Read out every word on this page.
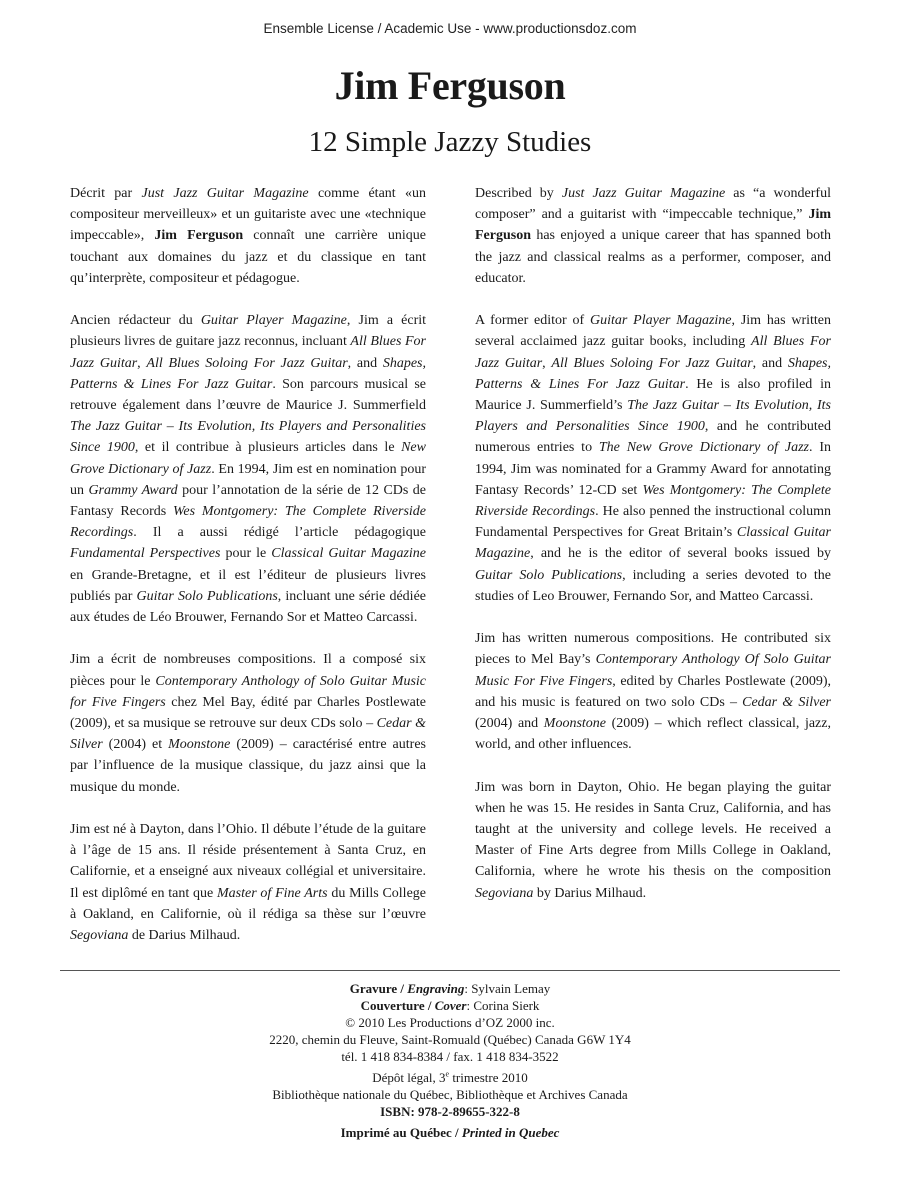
Ensemble License / Academic Use - www.productionsdoz.com
Jim Ferguson
12 Simple Jazzy Studies

Décrit par Just Jazz Guitar Magazine comme étant «un compositeur merveilleux» et un guitariste avec une «technique impeccable», Jim Ferguson connaît une carrière unique touchant aux domaines du jazz et du classique en tant qu’interprète, compositeur et pédagogue.

Ancien rédacteur du Guitar Player Magazine, Jim a écrit plusieurs livres de guitare jazz reconnus, incluant All Blues For Jazz Guitar, All Blues Soloing For Jazz Guitar, and Shapes, Patterns & Lines For Jazz Guitar. Son parcours musical se retrouve également dans l’œuvre de Maurice J. Summerfield The Jazz Guitar – Its Evolution, Its Players and Personalities Since 1900, et il contribue à plusieurs articles dans le New Grove Dictionary of Jazz. En 1994, Jim est en nomination pour un Grammy Award pour l’annotation de la série de 12 CDs de Fantasy Records Wes Montgomery: The Complete Riverside Recordings. Il a aussi rédigé l’article pédagogique Fundamental Perspectives pour le Classical Guitar Magazine en Grande-Bretagne, et il est l’éditeur de plusieurs livres publiés par Guitar Solo Publications, incluant une série dédiée aux études de Léo Brouwer, Fernando Sor et Matteo Carcassi.

Jim a écrit de nombreuses compositions. Il a composé six pièces pour le Contemporary Anthology of Solo Guitar Music for Five Fingers chez Mel Bay, édité par Charles Postlewate (2009), et sa musique se retrouve sur deux CDs solo – Cedar & Silver (2004) et Moonstone (2009) – caractérisé entre autres par l’influence de la musique classique, du jazz ainsi que la musique du monde.

Jim est né à Dayton, dans l’Ohio. Il débute l’étude de la guitare à l’âge de 15 ans. Il réside présentement à Santa Cruz, en Californie, et a enseigné aux niveaux collégial et universitaire. Il est diplômé en tant que Master of Fine Arts du Mills College à Oakland, en Californie, où il rédiga sa thèse sur l’œuvre Segoviana de Darius Milhaud.

Described by Just Jazz Guitar Magazine as “a wonderful composer” and a guitarist with “impeccable technique,” Jim Ferguson has enjoyed a unique career that has spanned both the jazz and classical realms as a performer, composer, and educator.

A former editor of Guitar Player Magazine, Jim has written several acclaimed jazz guitar books, including All Blues For Jazz Guitar, All Blues Soloing For Jazz Guitar, and Shapes, Patterns & Lines For Jazz Guitar. He is also profiled in Maurice J. Summerfield’s The Jazz Guitar – Its Evolution, Its Players and Personalities Since 1900, and he contributed numerous entries to The New Grove Dictionary of Jazz. In 1994, Jim was nominated for a Grammy Award for annotating Fantasy Records’ 12-CD set Wes Montgomery: The Complete Riverside Recordings. He also penned the instructional column Fundamental Perspectives for Great Britain’s Classical Guitar Magazine, and he is the editor of several books issued by Guitar Solo Publications, including a series devoted to the studies of Leo Brouwer, Fernando Sor, and Matteo Carcassi.

Jim has written numerous compositions. He contributed six pieces to Mel Bay’s Contemporary Anthology Of Solo Guitar Music For Five Fingers, edited by Charles Postlewate (2009), and his music is featured on two solo CDs – Cedar & Silver (2004) and Moonstone (2009) – which reflect classical, jazz, world, and other influences.

Jim was born in Dayton, Ohio. He began playing the guitar when he was 15. He resides in Santa Cruz, California, and has taught at the university and college levels. He received a Master of Fine Arts degree from Mills College in Oakland, California, where he wrote his thesis on the composition Segoviana by Darius Milhaud.

Gravure / Engraving: Sylvain Lemay
Couverture / Cover: Corina Sierk
© 2010 Les Productions d’OZ 2000 inc.
2220, chemin du Fleuve, Saint-Romuald (Québec) Canada G6W 1Y4
tél. 1 418 834-8384 / fax. 1 418 834-3522
Dépôt légal, 3e trimestre 2010
Bibliothèque nationale du Québec, Bibliothèque et Archives Canada
ISBN: 978-2-89655-322-8
Imprimé au Québec / Printed in Quebec
